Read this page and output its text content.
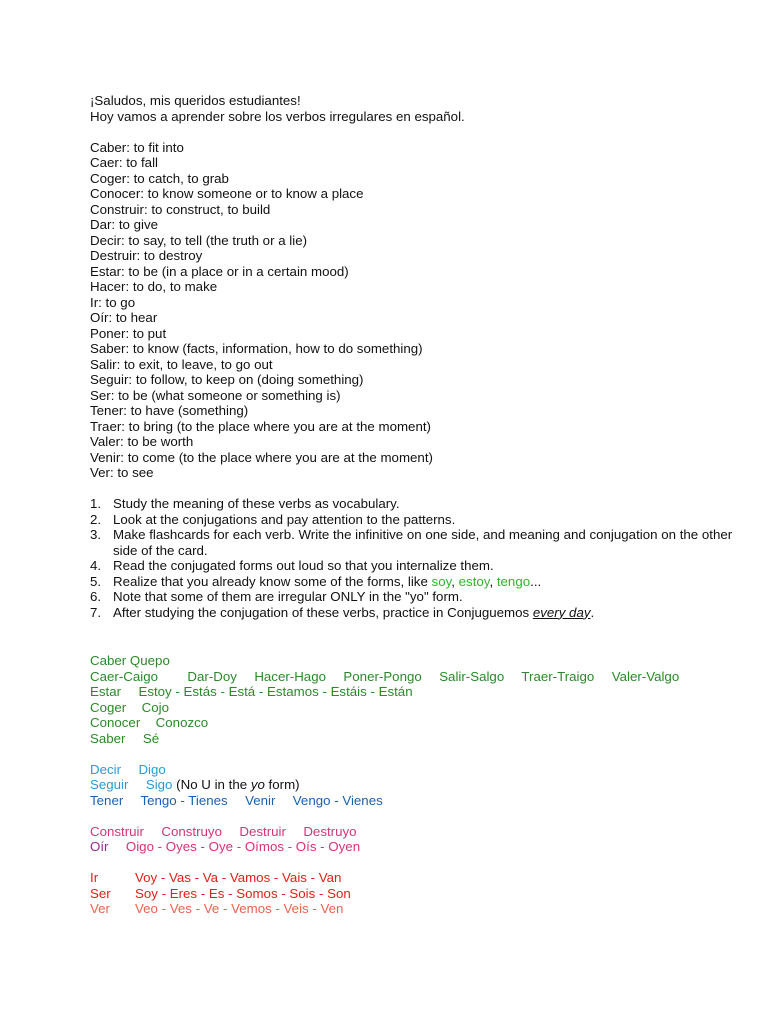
¡Saludos, mis queridos estudiantes!
Hoy vamos a aprender sobre los verbos irregulares en español.
Caber: to fit into
Caer: to fall
Coger: to catch, to grab
Conocer: to know someone or to know a place
Construir: to construct, to build
Dar: to give
Decir: to say, to tell (the truth or a lie)
Destruir: to destroy
Estar: to be (in a place or in a certain mood)
Hacer: to do, to make
Ir: to go
Oír: to hear
Poner: to put
Saber: to know (facts, information, how to do something)
Salir: to exit, to leave, to go out
Seguir: to follow, to keep on (doing something)
Ser: to be (what someone or something is)
Tener: to have (something)
Traer: to bring (to the place where you are at the moment)
Valer: to be worth
Venir: to come (to the place where you are at the moment)
Ver: to see
1. Study the meaning of these verbs as vocabulary.
2. Look at the conjugations and pay attention to the patterns.
3. Make flashcards for each verb. Write the infinitive on one side, and meaning and conjugation on the other side of the card.
4. Read the conjugated forms out loud so that you internalize them.
5. Realize that you already know some of the forms, like soy, estoy, tengo...
6. Note that some of them are irregular ONLY in the "yo" form.
7. After studying the conjugation of these verbs, practice in Conjuguemos every day.
Caber Quepo
Caer-Caigo Dar-Doy Hacer-Hago Poner-Pongo Salir-Salgo Traer-Traigo Valer-Valgo
Estar Estoy - Estás - Está - Estamos - Estáis - Están
Coger Cojo
Conocer Conozco
Saber Sé
Decir Digo
Seguir Sigo (No U in the yo form)
Tener Tengo - Tienes Venir Vengo - Vienes
Construir Construyo Destruir Destruyo
Oír Oigo - Oyes - Oye - Oímos - Oís - Oyen
Ir	Voy - Vas - Va - Vamos - Vais - Van
Ser Soy - Eres - Es - Somos - Sois - Son
Ver Veo - Ves - Ve - Vemos - Veis - Ven
